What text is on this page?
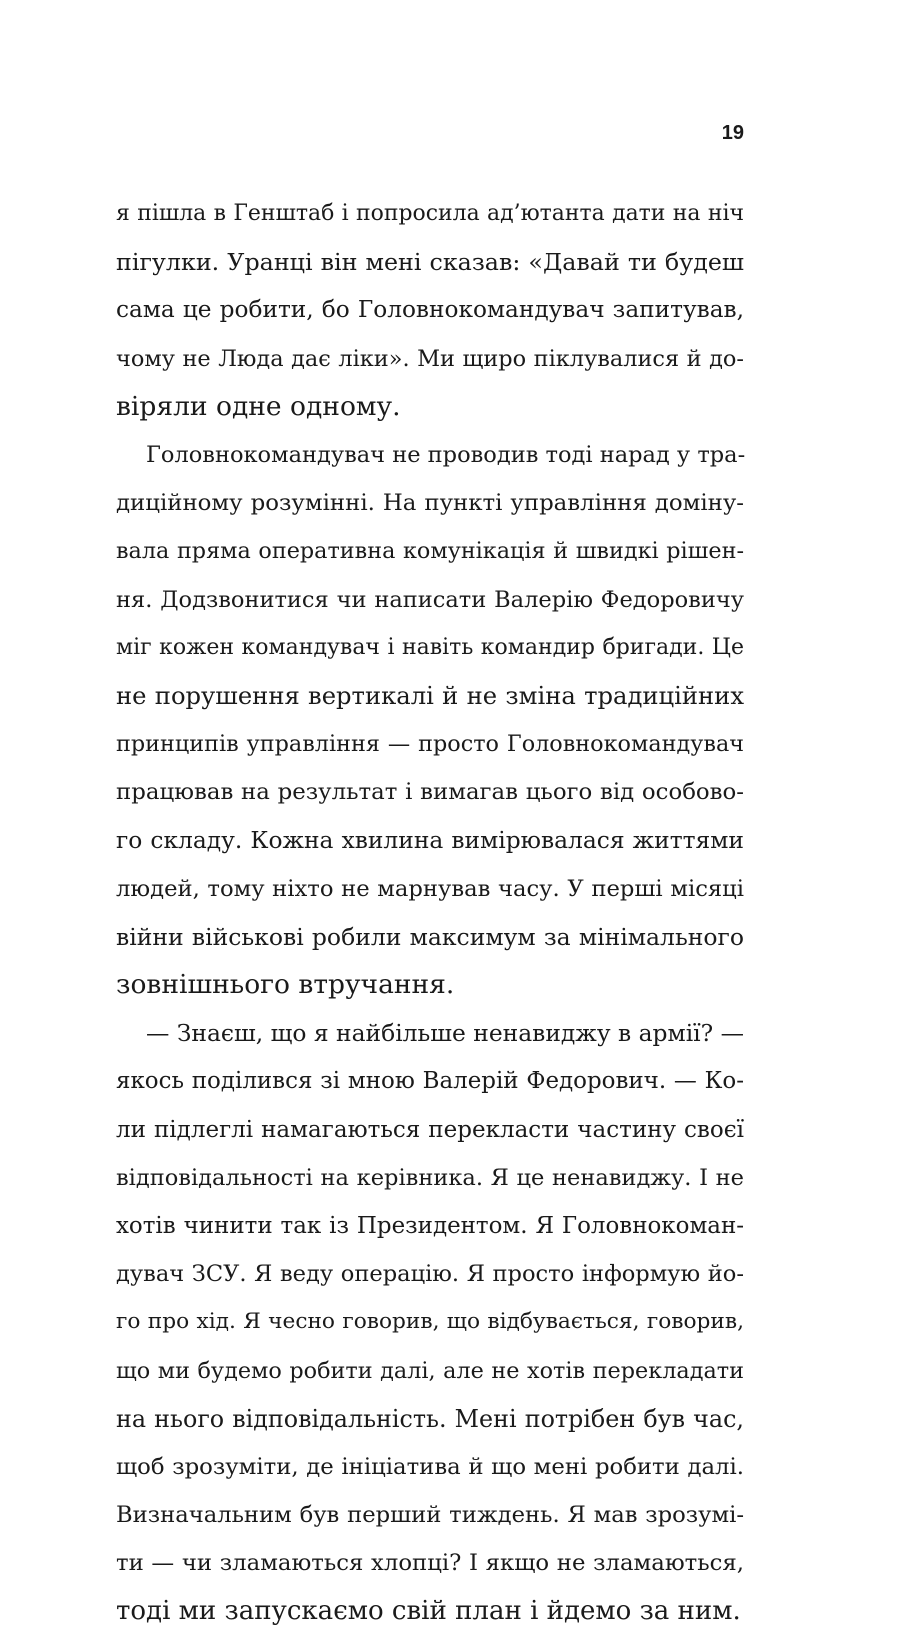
19
я пішла в Генштаб і попросила ад’ютанта дати на ніч
пігулки. Уранці він мені сказав: «Давай ти будеш
сама це робити, бо Головнокомандувач запитував,
чому не Люда дає ліки». Ми щиро піклувалися й до-
віряли одне одному.
Головнокомандувач не проводив тоді нарад у тра-
диційному розумінні. На пункті управління доміну-
вала пряма оперативна комунікація й швидкі рішен-
ня. Додзвонитися чи написати Валерію Федоровичу
міг кожен командувач і навіть командир бригади. Це
не порушення вертикалі й не зміна традиційних
принципів управління — просто Головнокомандувач
працював на результат і вимагав цього від особово-
го складу. Кожна хвилина вимірювалася життями
людей, тому ніхто не марнував часу. У перші місяці
війни військові робили максимум за мінімального
зовнішнього втручання.
— Знаєш, що я найбільше ненавиджу в армії? —
якось поділився зі мною Валерій Федорович. — Ко-
ли підлеглі намагаються перекласти частину своєї
відповідальності на керівника. Я це ненавиджу. І не
хотів чинити так із Президентом. Я Головнокоман-
дувач ЗСУ. Я веду операцію. Я просто інформую йо-
го про хід. Я чесно говорив, що відбувається, говорив,
що ми будемо робити далі, але не хотів перекладати
на нього відповідальність. Мені потрібен був час,
щоб зрозуміти, де ініціатива й що мені робити далі.
Визначальним був перший тиждень. Я мав зрозумі-
ти — чи зламаються хлопці? І якщо не зламаються,
тоді ми запускаємо свій план і йдемо за ним.
